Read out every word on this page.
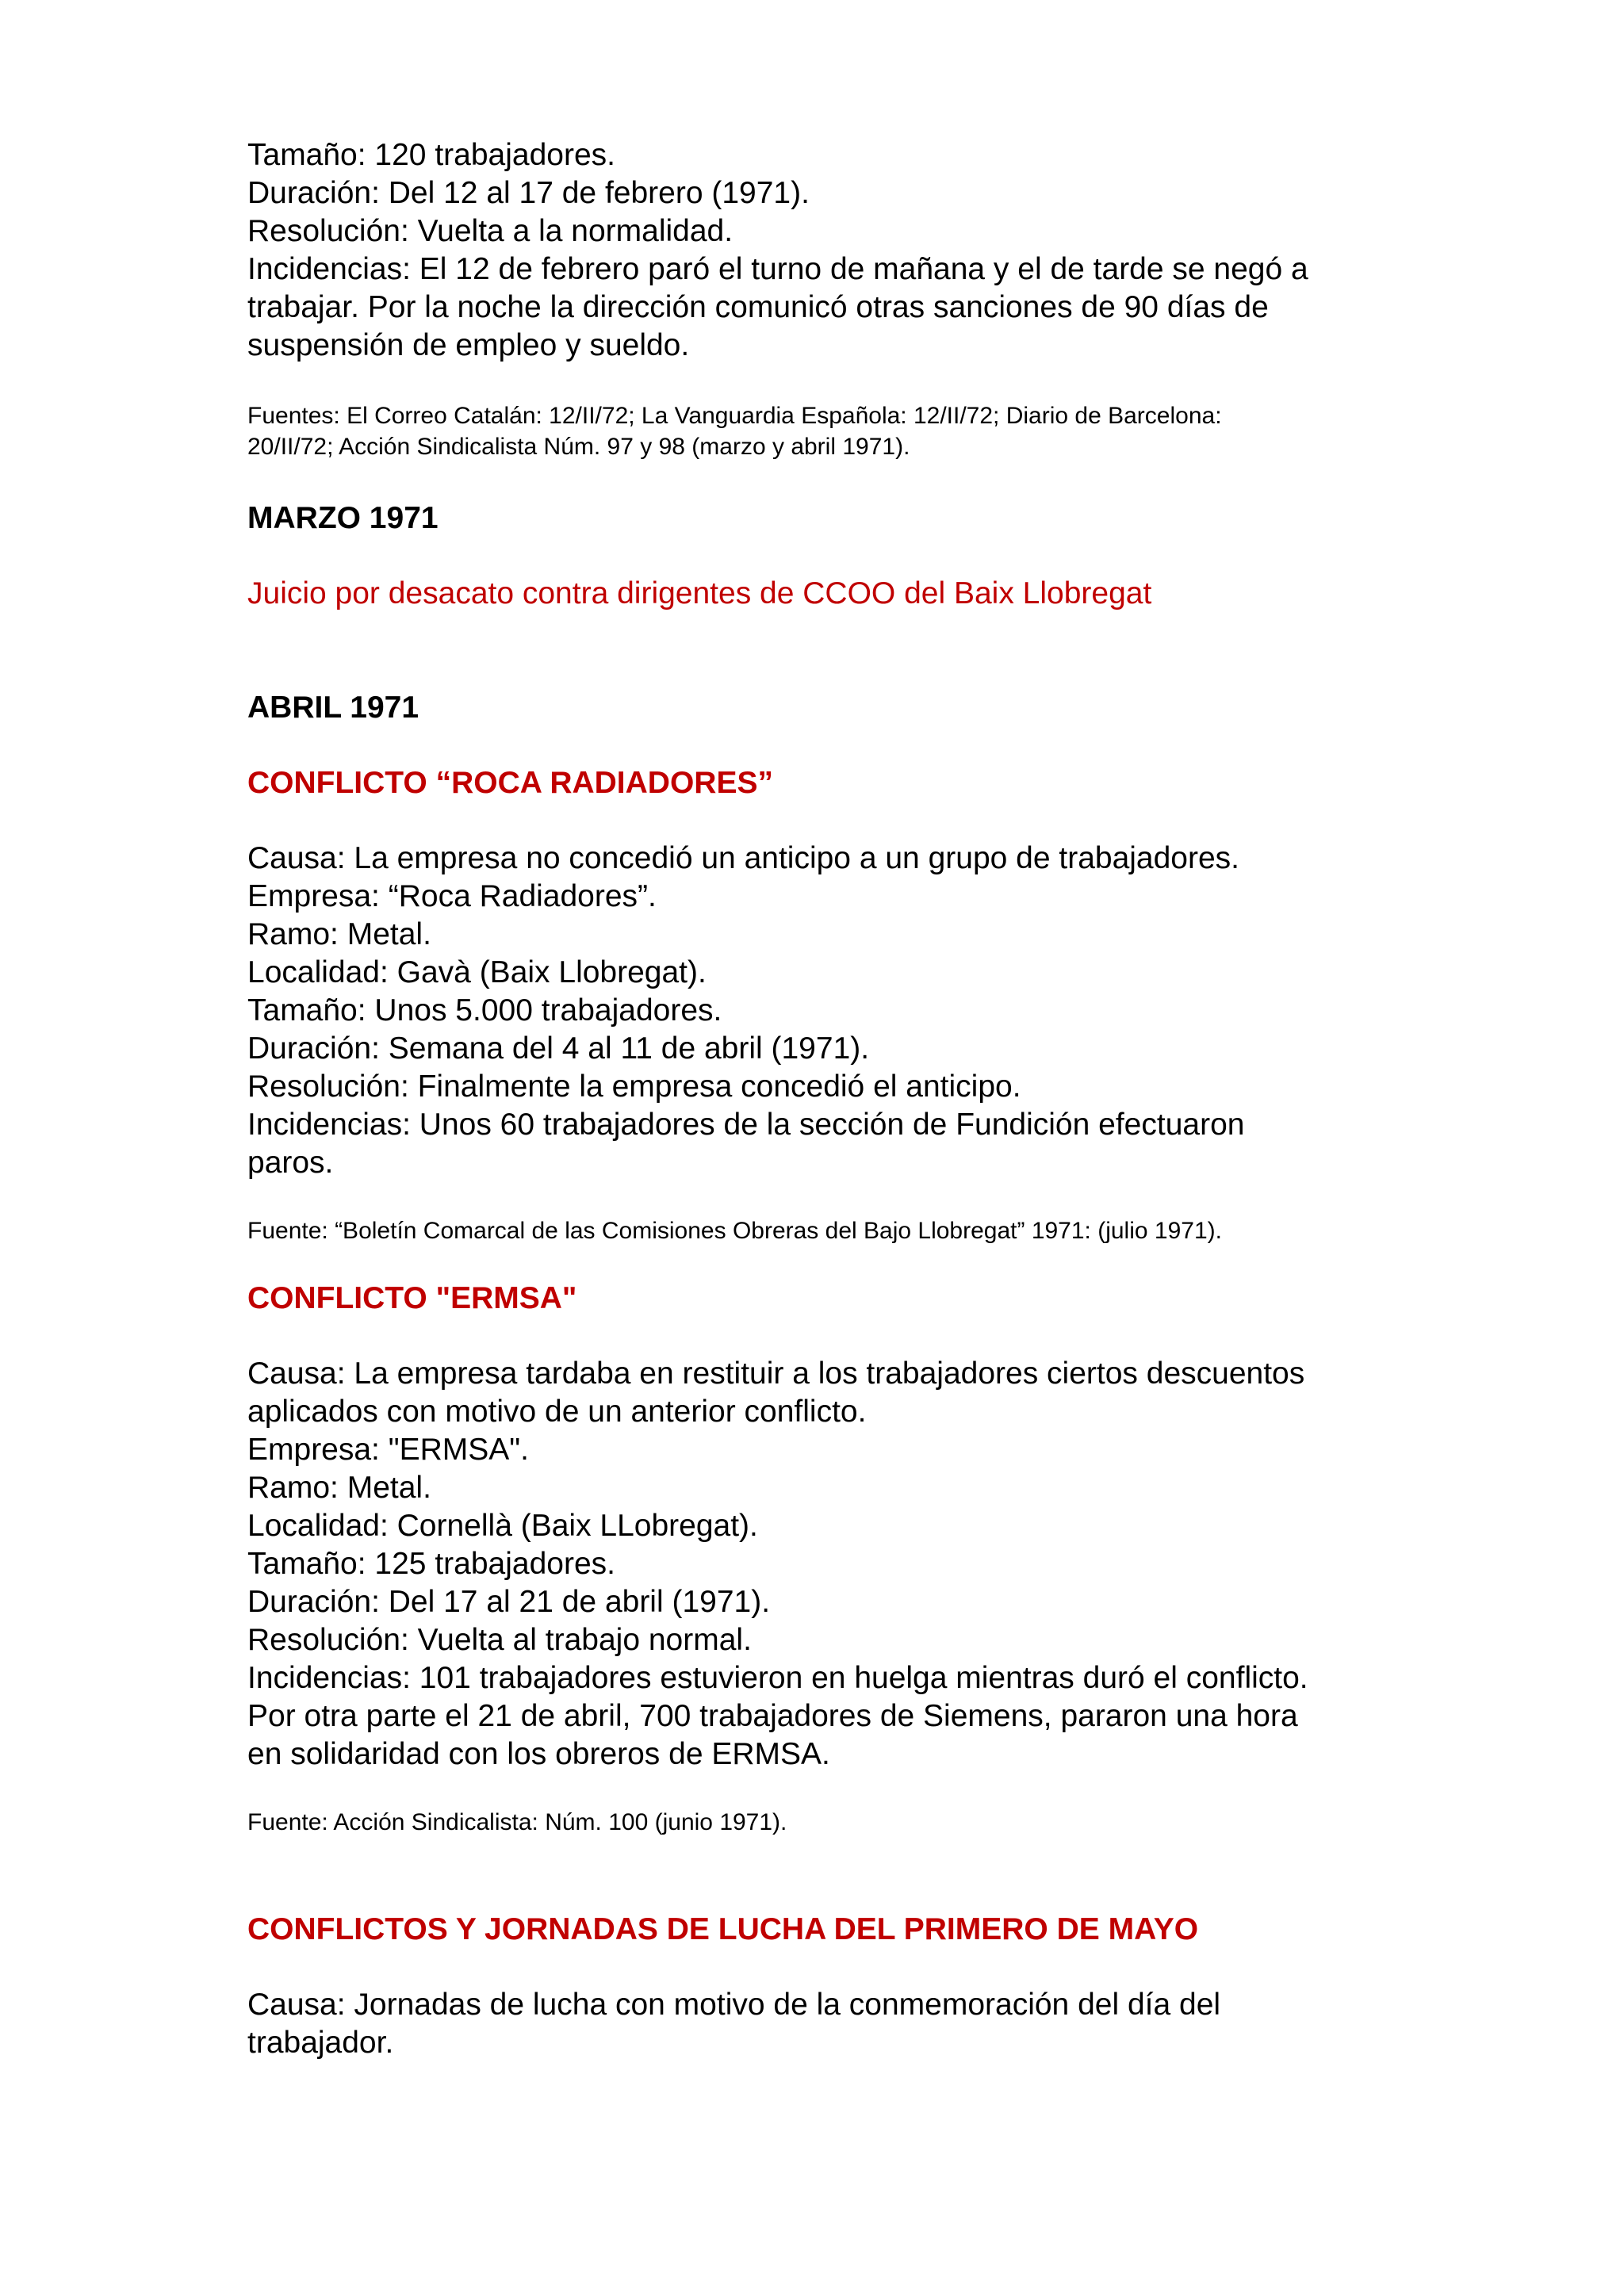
Tamaño: 120 trabajadores.

Duración: Del 12 al 17 de febrero (1971).

Resolución: Vuelta a la normalidad.

Incidencias: El 12 de febrero paró el turno de mañana y el de tarde se negó a

trabajar. Por la noche la dirección comunicó otras sanciones de 90 días de

suspensión de empleo y sueldo.

Fuentes: El Correo Catalán: 12/II/72; La Vanguardia Española: 12/II/72; Diario de Barcelona:

20/II/72; Acción Sindicalista Núm. 97 y 98 (marzo y abril 1971).

MARZO 1971

Juicio por desacato contra dirigentes de CCOO del Baix Llobregat

ABRIL 1971
CONFLICTO “ROCA RADIADORES”

Causa: La empresa no concedió un anticipo a un grupo de trabajadores.

Empresa: “Roca Radiadores”.

Ramo: Metal.

Localidad: Gavà (Baix Llobregat).

Tamaño: Unos 5.000 trabajadores.

Duración: Semana del 4 al 11 de abril (1971).

Resolución: Finalmente la empresa concedió el anticipo.

Incidencias: Unos 60 trabajadores de la sección de Fundición efectuaron

paros.

Fuente: “Boletín Comarcal de las Comisiones Obreras del Bajo Llobregat” 1971: (julio 1971).

CONFLICTO "ERMSA"

Causa: La empresa tardaba en restituir a los trabajadores ciertos descuentos

aplicados con motivo de un anterior conflicto.

Empresa: "ERMSA".

Ramo: Metal.

Localidad: Cornellà (Baix LLobregat).

Tamaño: 125 trabajadores.

Duración: Del 17 al 21 de abril (1971).

Resolución: Vuelta al trabajo normal.

Incidencias: 101 trabajadores estuvieron en huelga mientras duró el conflicto.

Por otra parte el 21 de abril, 700 trabajadores de Siemens, pararon una hora

en solidaridad con los obreros de ERMSA.

Fuente: Acción Sindicalista: Núm. 100 (junio 1971).

CONFLICTOS Y JORNADAS DE LUCHA DEL PRIMERO DE MAYO

Causa: Jornadas de lucha con motivo de la conmemoración del día del

trabajador.
